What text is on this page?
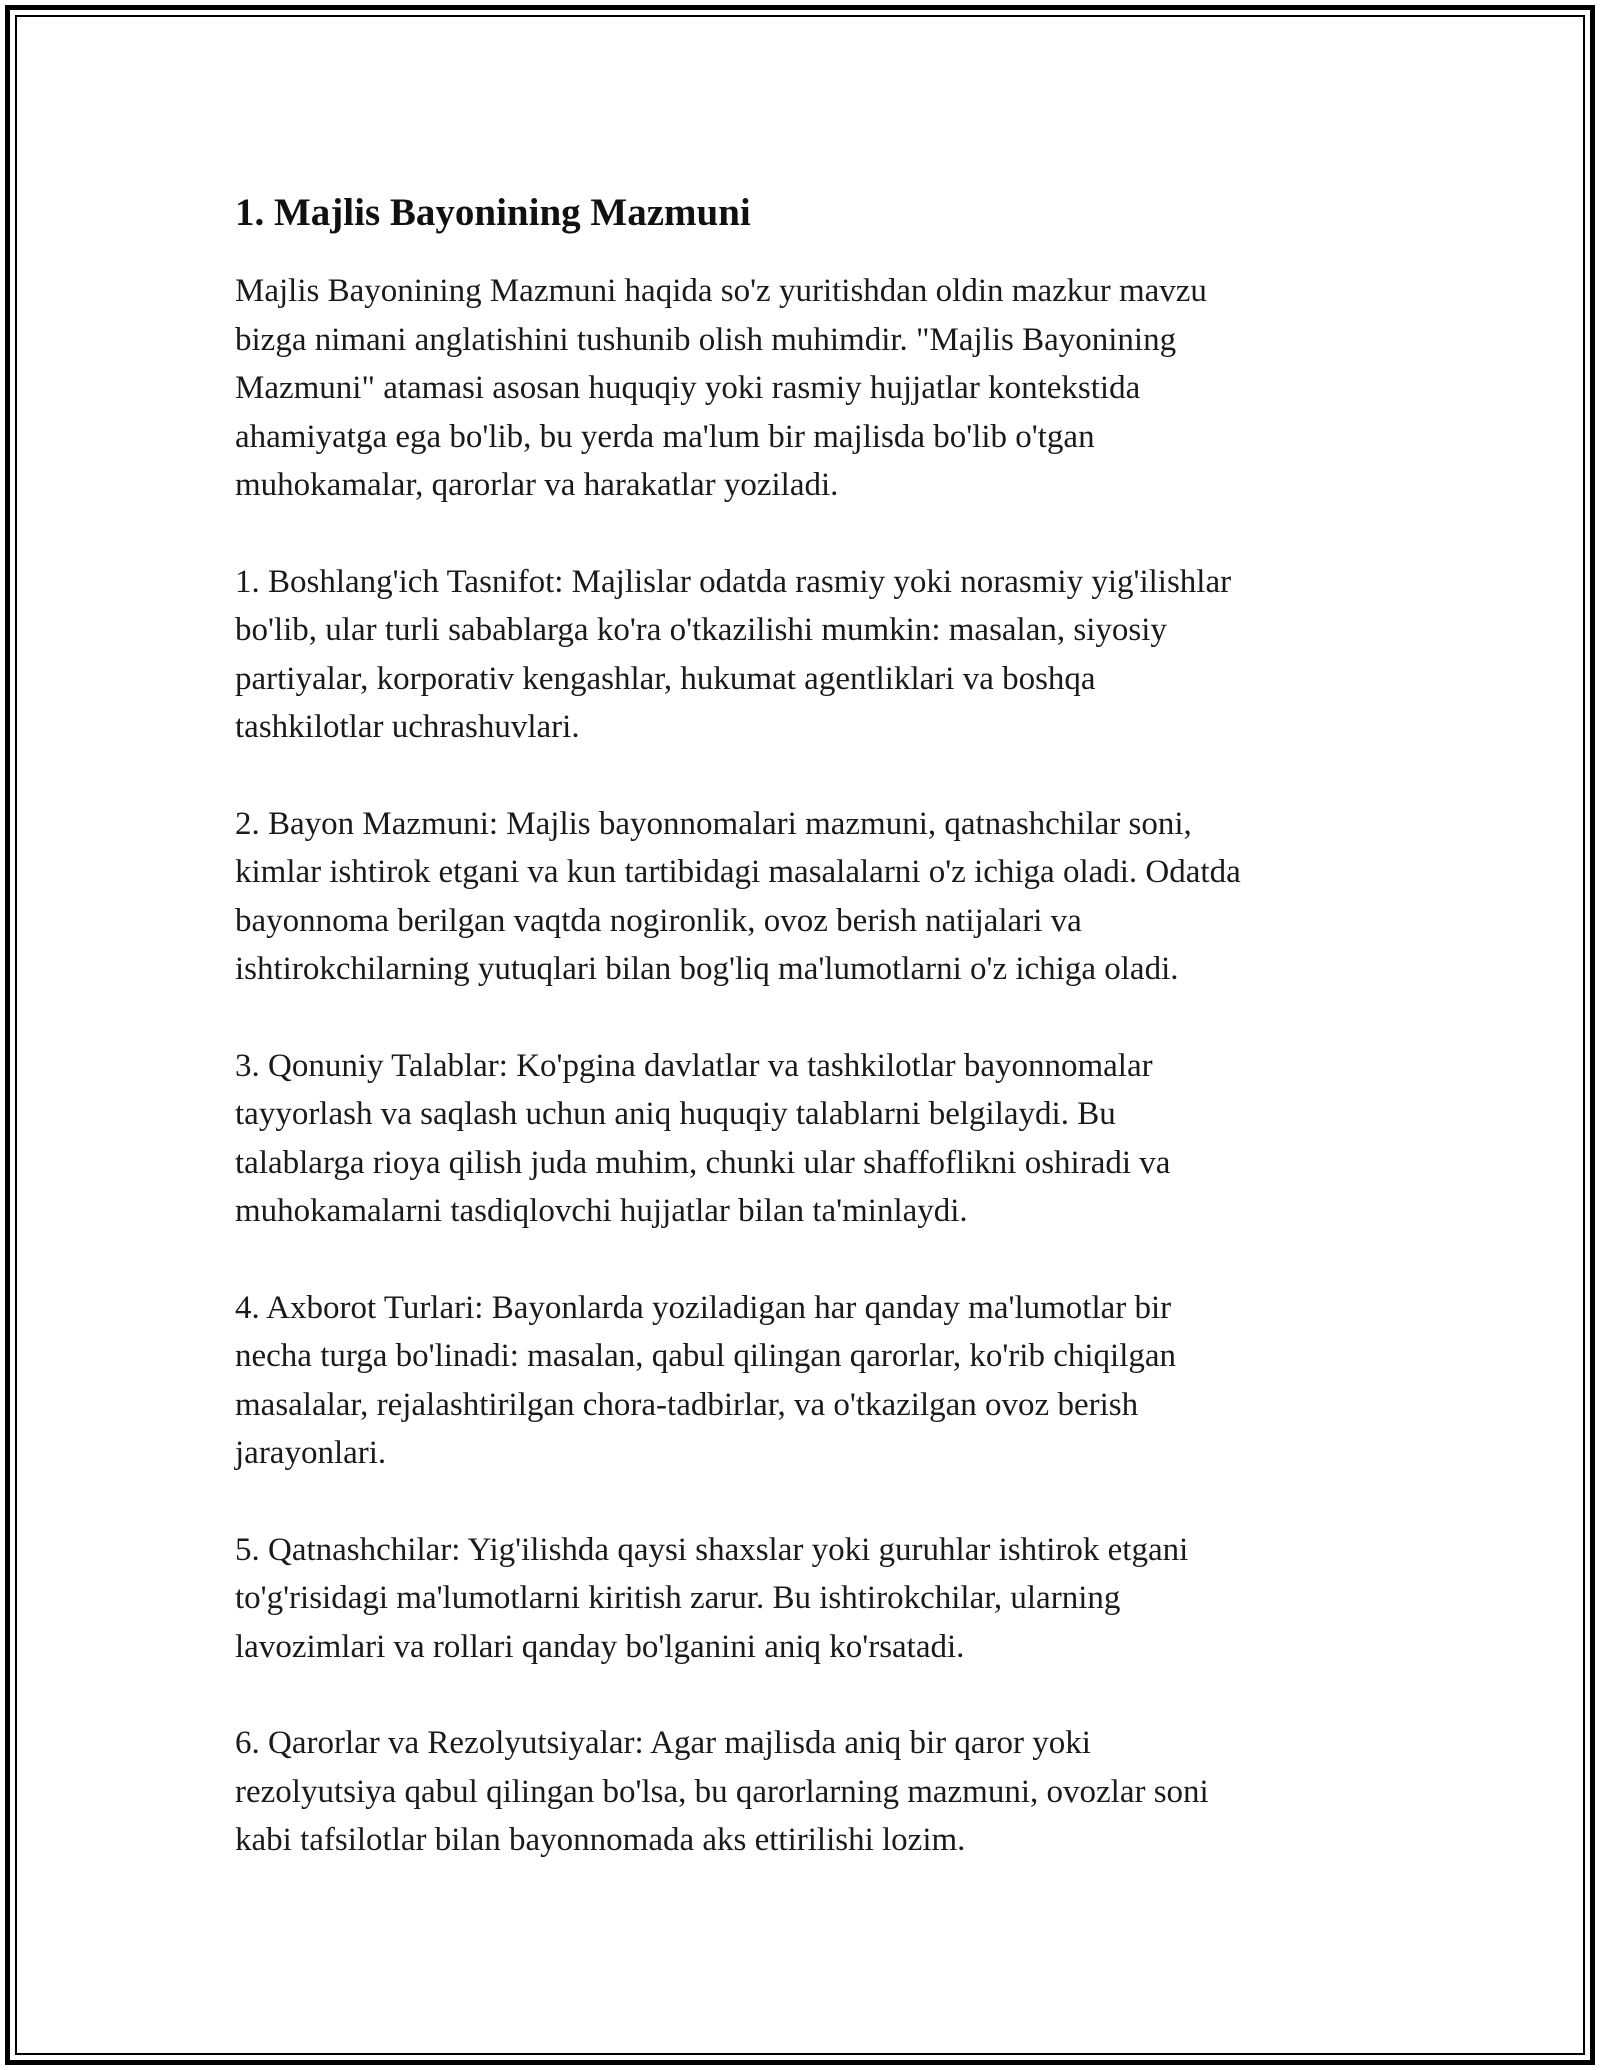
1. Majlis Bayonining Mazmuni

Majlis Bayonining Mazmuni haqida so'z yuritishdan oldin mazkur mavzu
bizga nimani anglatishini tushunib olish muhimdir. "Majlis Bayonining
Mazmuni" atamasi asosan huquqiy yoki rasmiy hujjatlar kontekstida
ahamiyatga ega bo'lib, bu yerda ma'lum bir majlisda bo'lib o'tgan
muhokamalar, qarorlar va harakatlar yoziladi.

1. Boshlang'ich Tasnifot: Majlislar odatda rasmiy yoki norasmiy yig'ilishlar
bo'lib, ular turli sabablarga ko'ra o'tkazilishi mumkin: masalan, siyosiy
partiyalar, korporativ kengashlar, hukumat agentliklari va boshqa
tashkilotlar uchrashuvlari.

2. Bayon Mazmuni: Majlis bayonnomalari mazmuni, qatnashchilar soni,
kimlar ishtirok etgani va kun tartibidagi masalalarni o'z ichiga oladi. Odatda
bayonnoma berilgan vaqtda nogironlik, ovoz berish natijalari va
ishtirokchilarning yutuqlari bilan bog'liq ma'lumotlarni o'z ichiga oladi.

3. Qonuniy Talablar: Ko'pgina davlatlar va tashkilotlar bayonnomalar
tayyorlash va saqlash uchun aniq huquqiy talablarni belgilaydi. Bu
talablarga rioya qilish juda muhim, chunki ular shaffoflikni oshiradi va
muhokamalarni tasdiqlovchi hujjatlar bilan ta'minlaydi.

4. Axborot Turlari: Bayonlarda yoziladigan har qanday ma'lumotlar bir
necha turga bo'linadi: masalan, qabul qilingan qarorlar, ko'rib chiqilgan
masalalar, rejalashtirilgan chora-tadbirlar, va o'tkazilgan ovoz berish
jarayonlari.

5. Qatnashchilar: Yig'ilishda qaysi shaxslar yoki guruhlar ishtirok etgani
to'g'risidagi ma'lumotlarni kiritish zarur. Bu ishtirokchilar, ularning
lavozimlari va rollari qanday bo'lganini aniq ko'rsatadi.

6. Qarorlar va Rezolyutsiyalar: Agar majlisda aniq bir qaror yoki
rezolyutsiya qabul qilingan bo'lsa, bu qarorlarning mazmuni, ovozlar soni
kabi tafsilotlar bilan bayonnomada aks ettirilishi lozim.
